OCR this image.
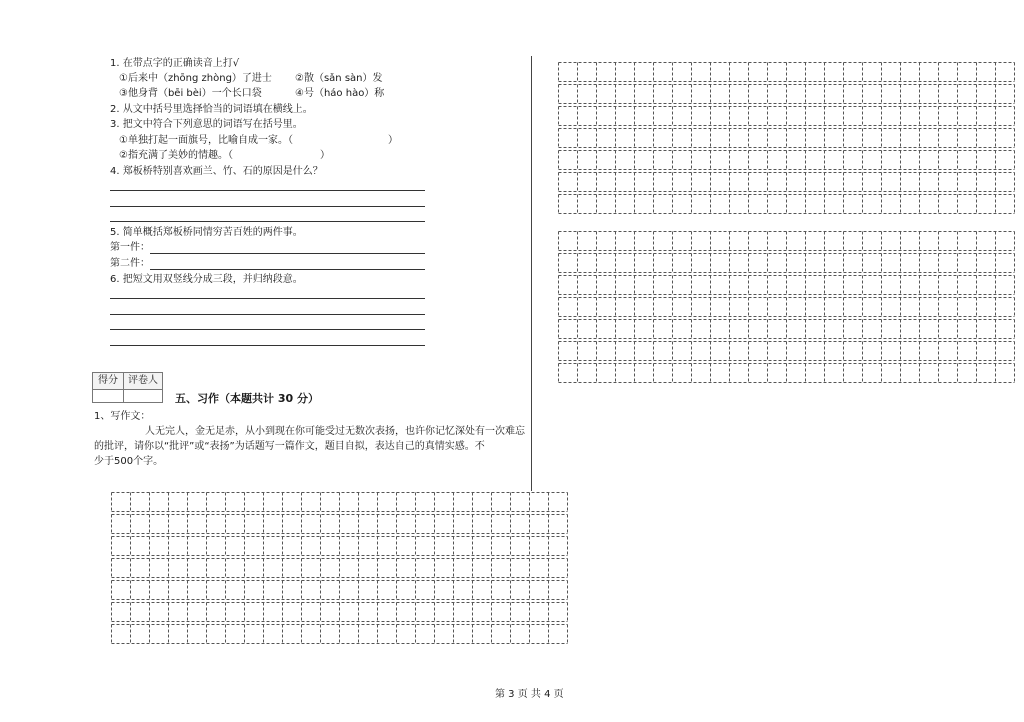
1. 在带点字的正确读音上打√
①后来中（zhōng zhòng）了进士 ②散（sǎn sàn）发
③他身背（bēi bèi）一个长口袋	④号（háo hào）称
2. 从文中括号里选择恰当的词语填在横线上。
3. 把文中符合下列意思的词语写在括号里。
①单独打起一面旗号，比喻自成一家。（	）
②指充满了美妙的情趣。（	）
4. 郑板桥特别喜欢画兰、竹、石的原因是什么？
5. 简单概括郑板桥同情穷苦百姓的两件事。
第一件：
第二件：
6. 把短文用双竖线分成三段，并归纳段意。
得分	评卷人
五、习作（本题共计 30 分）
1、写作文：
人无完人，金无足赤，从小到现在你可能受过无数次表扬，也许你记忆深处有一次难忘
的批评，请你以“批评”或“表扬”为话题写一篇作文，题目自拟，表达自己的真情实感。不
少于500个字。
第 3 页 共 4 页
